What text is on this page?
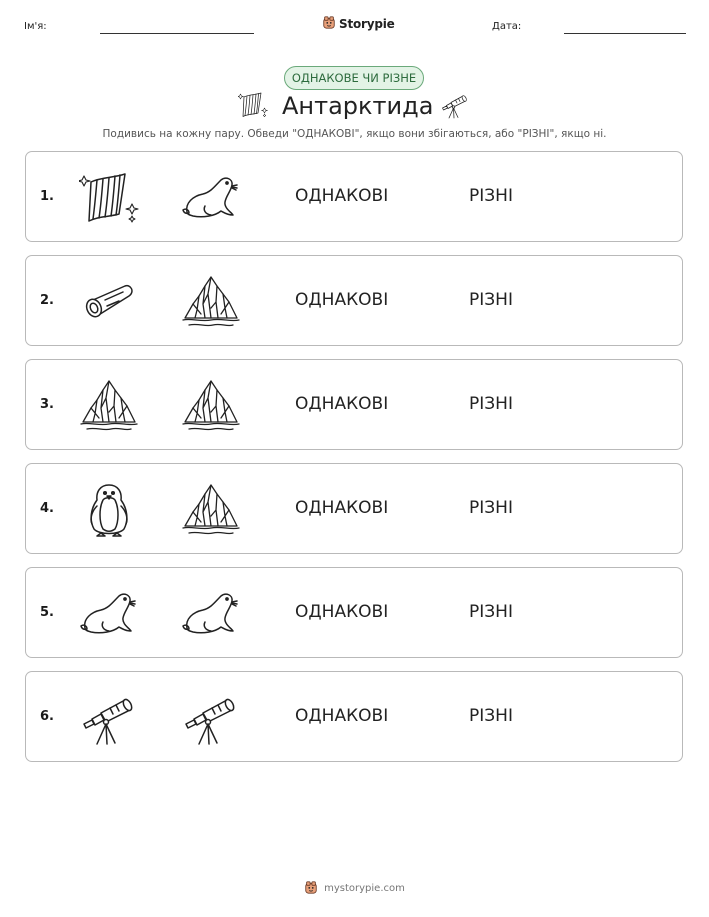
Ім'я:	Storypie	Дата:
ОДНАКОВЕ ЧИ РІЗНЕ
Антарктида
Подивись на кожну пару. Обведи "ОДНАКОВІ", якщо вони збігаються, або "РІЗНІ", якщо ні.
1.	ОДНАКОВІ	РІЗНІ
2.	ОДНАКОВІ	РІЗНІ
3.	ОДНАКОВІ	РІЗНІ
4.	ОДНАКОВІ	РІЗНІ
5.	ОДНАКОВІ	РІЗНІ
6.	ОДНАКОВІ	РІЗНІ
mystorypie.com
